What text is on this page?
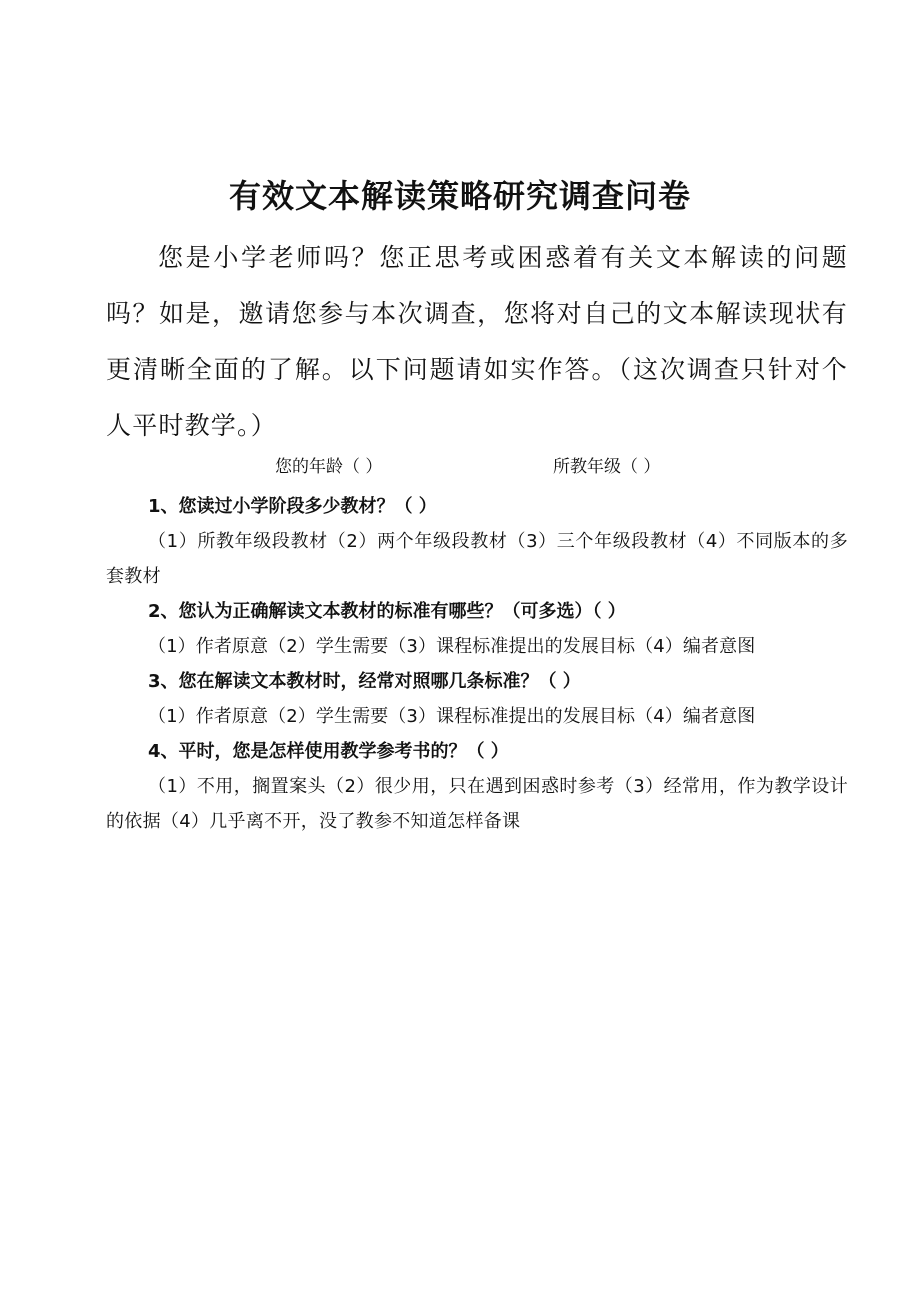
有效文本解读策略研究调查问卷
您是小学老师吗？您正思考或困惑着有关文本解读的问题吗？如是，邀请您参与本次调查，您将对自己的文本解读现状有更清晰全面的了解。以下问题请如实作答。（这次调查只针对个人平时教学。）
您的年龄（ ）	所教年级（ ）
1、您读过小学阶段多少教材？（ ）
（1）所教年级段教材（2）两个年级段教材（3）三个年级段教材（4）不同版本的多套教材
2、您认为正确解读文本教材的标准有哪些？（可多选）（ ）
（1）作者原意（2）学生需要（3）课程标准提出的发展目标（4）编者意图
3、您在解读文本教材时，经常对照哪几条标准？（ ）
（1）作者原意（2）学生需要（3）课程标准提出的发展目标（4）编者意图
4、平时，您是怎样使用教学参考书的？（ ）
（1）不用，搁置案头（2）很少用，只在遇到困惑时参考（3）经常用，作为教学设计的依据（4）几乎离不开，没了教参不知道怎样备课
